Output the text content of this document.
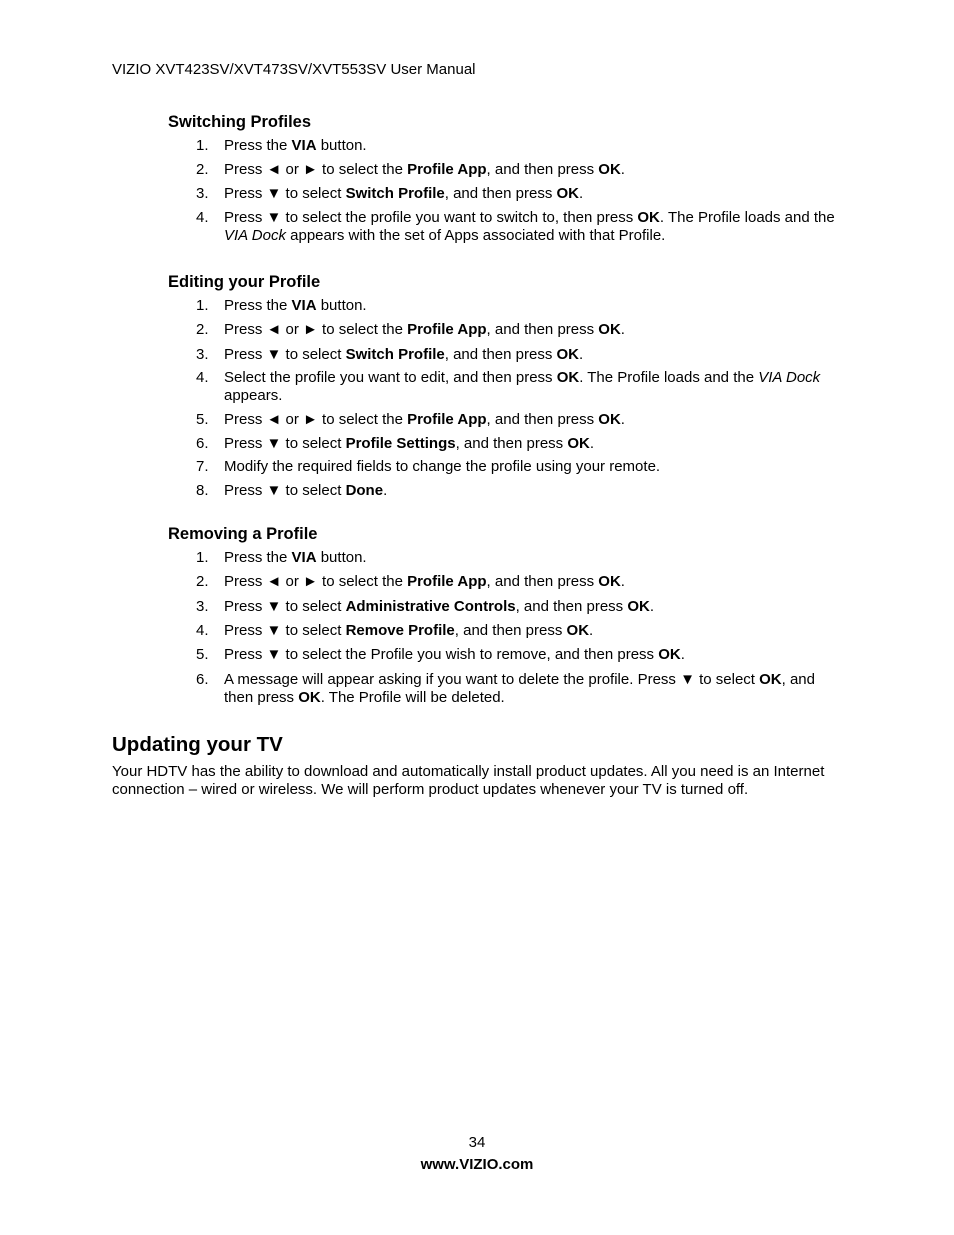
VIZIO XVT423SV/XVT473SV/XVT553SV User Manual
Switching Profiles
1.	Press the VIA button.
2.	Press ◄ or ► to select the Profile App, and then press OK.
3.	Press ▼ to select Switch Profile, and then press OK.
4.	Press ▼ to select the profile you want to switch to, then press OK. The Profile loads and the VIA Dock appears with the set of Apps associated with that Profile.
Editing your Profile
1.	Press the VIA button.
2.	Press ◄ or ► to select the Profile App, and then press OK.
3.	Press ▼ to select Switch Profile, and then press OK.
4.	Select the profile you want to edit, and then press OK. The Profile loads and the VIA Dock appears.
5.	Press ◄ or ► to select the Profile App, and then press OK.
6.	Press ▼ to select Profile Settings, and then press OK.
7.	Modify the required fields to change the profile using your remote.
8.	Press ▼ to select Done.
Removing a Profile
1.	Press the VIA button.
2.	Press ◄ or ► to select the Profile App, and then press OK.
3.	Press ▼ to select Administrative Controls, and then press OK.
4.	Press ▼ to select Remove Profile, and then press OK.
5.	Press ▼ to select the Profile you wish to remove, and then press OK.
6.	A message will appear asking if you want to delete the profile. Press ▼ to select OK, and then press OK. The Profile will be deleted.
Updating your TV
Your HDTV has the ability to download and automatically install product updates. All you need is an Internet connection – wired or wireless. We will perform product updates whenever your TV is turned off.
34
www.VIZIO.com
